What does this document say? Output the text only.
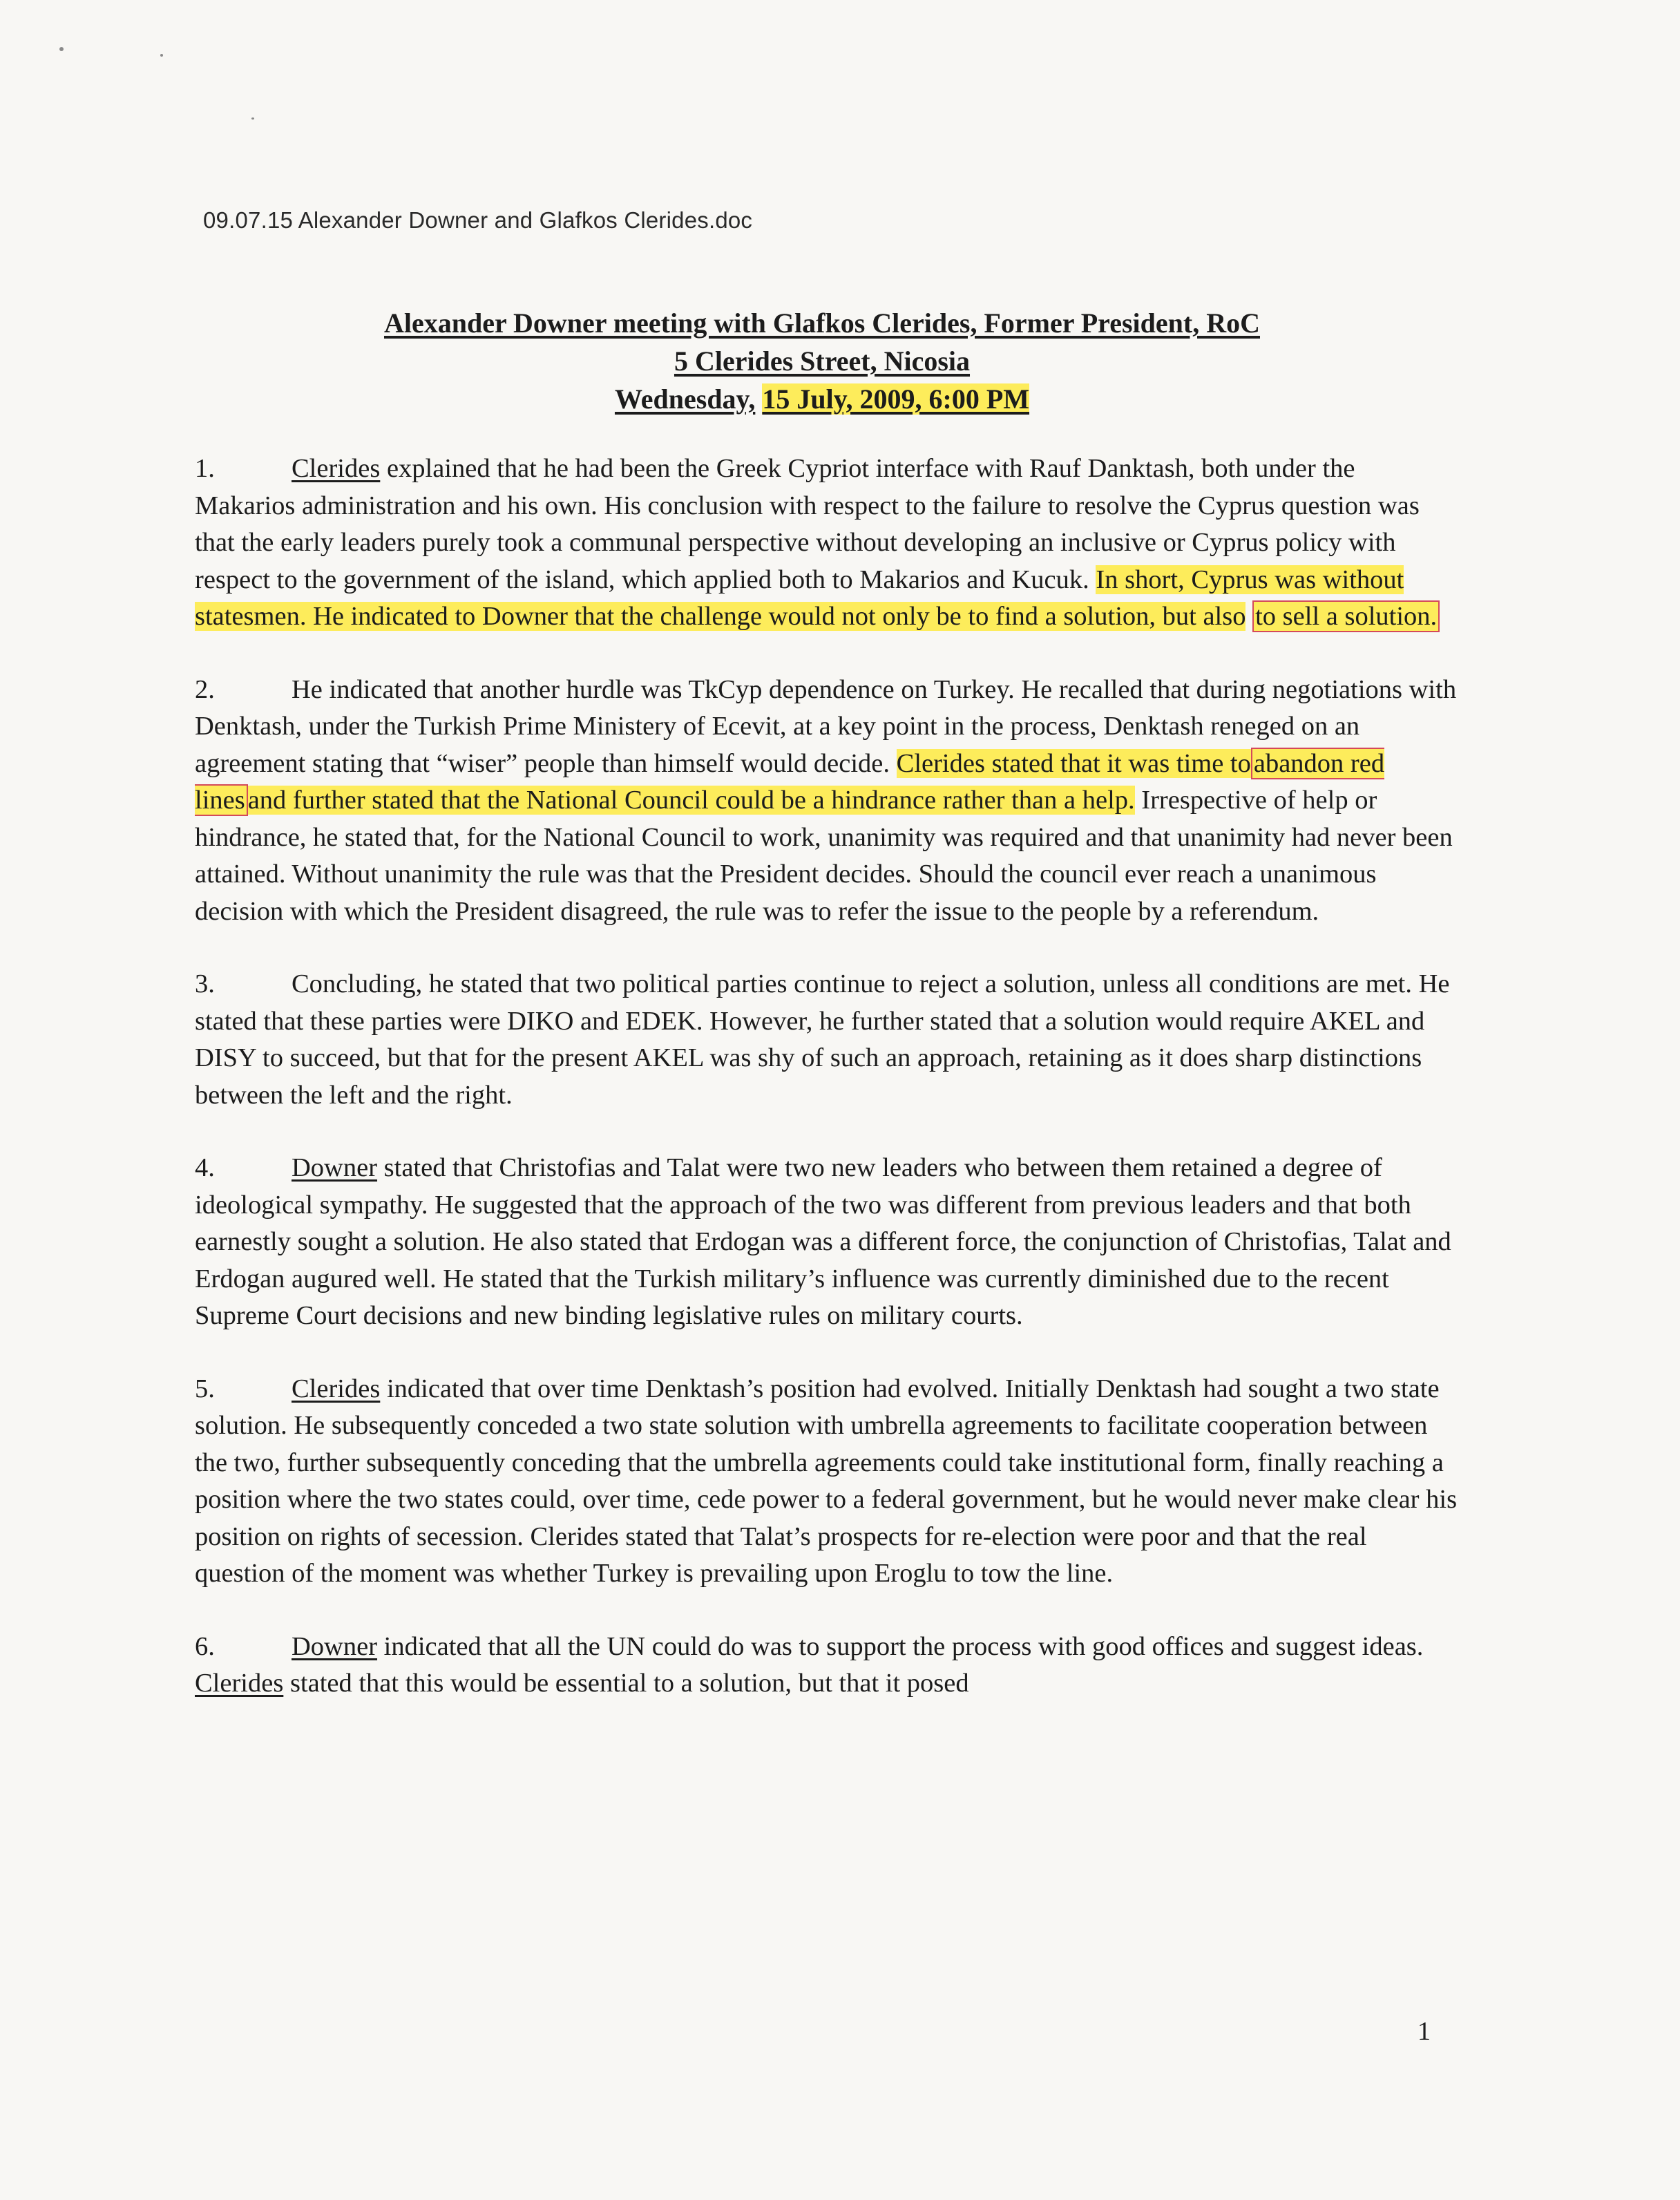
09.07.15 Alexander Downer and Glafkos Clerides.doc
Alexander Downer meeting with Glafkos Clerides, Former President, RoC
5 Clerides Street, Nicosia
Wednesday, 15 July, 2009, 6:00 PM

1.	Clerides explained that he had been the Greek Cypriot interface with Rauf Danktash, both under the Makarios administration and his own. His conclusion with respect to the failure to resolve the Cyprus question was that the early leaders purely took a communal perspective without developing an inclusive or Cyprus policy with respect to the government of the island, which applied both to Makarios and Kucuk. In short, Cyprus was without statesmen. He indicated to Downer that the challenge would not only be to find a solution, but also to sell a solution.

2.	He indicated that another hurdle was TkCyp dependence on Turkey. He recalled that during negotiations with Denktash, under the Turkish Prime Ministery of Ecevit, at a key point in the process, Denktash reneged on an agreement stating that “wiser” people than himself would decide. Clerides stated that it was time to abandon red lines and further stated that the National Council could be a hindrance rather than a help. Irrespective of help or hindrance, he stated that, for the National Council to work, unanimity was required and that unanimity had never been attained. Without unanimity the rule was that the President decides. Should the council ever reach a unanimous decision with which the President disagreed, the rule was to refer the issue to the people by a referendum.

3.	Concluding, he stated that two political parties continue to reject a solution, unless all conditions are met. He stated that these parties were DIKO and EDEK. However, he further stated that a solution would require AKEL and DISY to succeed, but that for the present AKEL was shy of such an approach, retaining as it does sharp distinctions between the left and the right.

4.	Downer stated that Christofias and Talat were two new leaders who between them retained a degree of ideological sympathy. He suggested that the approach of the two was different from previous leaders and that both earnestly sought a solution. He also stated that Erdogan was a different force, the conjunction of Christofias, Talat and Erdogan augured well. He stated that the Turkish military’s influence was currently diminished due to the recent Supreme Court decisions and new binding legislative rules on military courts.

5.	Clerides indicated that over time Denktash’s position had evolved. Initially Denktash had sought a two state solution. He subsequently conceded a two state solution with umbrella agreements to facilitate cooperation between the two, further subsequently conceding that the umbrella agreements could take institutional form, finally reaching a position where the two states could, over time, cede power to a federal government, but he would never make clear his position on rights of secession. Clerides stated that Talat’s prospects for re-election were poor and that the real question of the moment was whether Turkey is prevailing upon Eroglu to tow the line.

6.	Downer indicated that all the UN could do was to support the process with good offices and suggest ideas. Clerides stated that this would be essential to a solution, but that it posed

1
